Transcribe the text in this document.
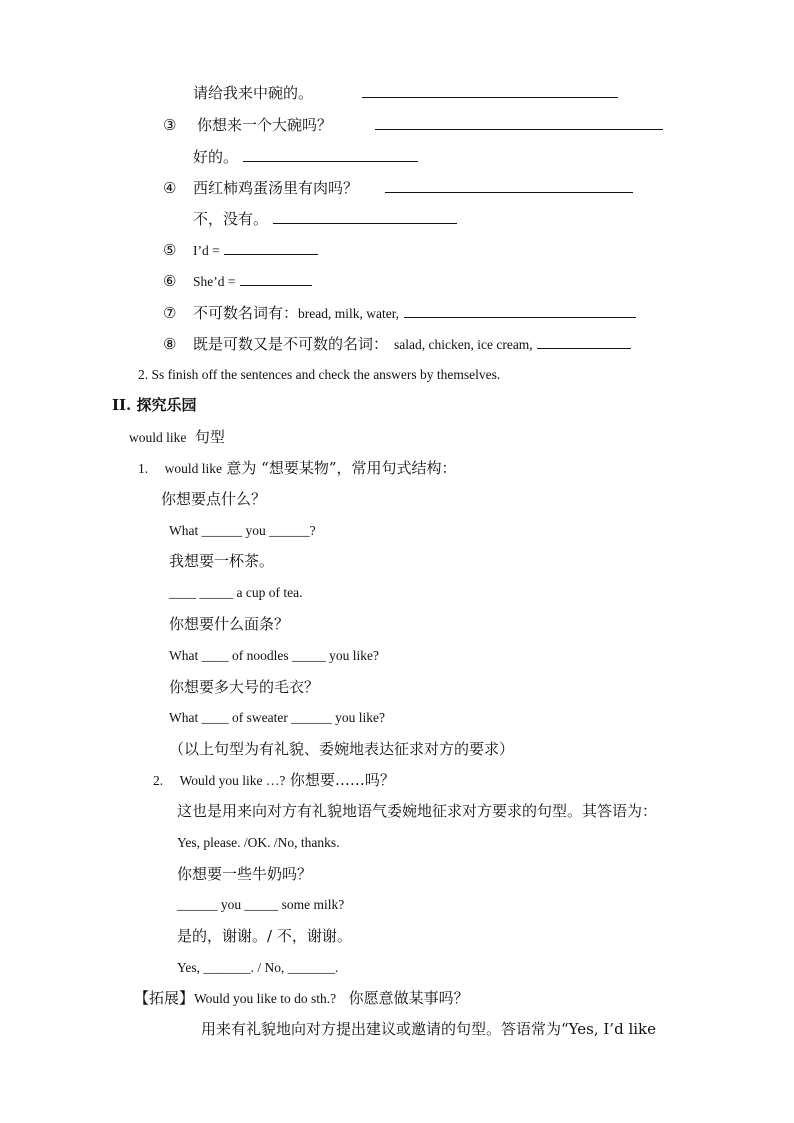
请给我来中碗的。
③ 你想来一个大碗吗？
好的。
④ 西红柿鸡蛋汤里有肉吗？
不，没有。
⑤ I’d =
⑥ She’d =
⑦ 不可数名词有：bread, milk, water,
⑧ 既是可数又是不可数的名词： salad, chicken, ice cream,
2. Ss finish off the sentences and check the answers by themselves.
II. 探究乐园
would like 句型
1. would like 意为 “想要某物”，常用句式结构：
你想要点什么？
What ______ you ______?
我想要一杯茶。
____ _____ a cup of tea.
你想要什么面条？
What ____ of noodles _____ you like?
你想要多大号的毛衣？
What ____ of sweater ______ you like?
（以上句型为有礼貌、委婉地表达征求对方的要求）
2. Would you like …? 你想要……吗？
这也是用来向对方有礼貌地语气委婉地征求对方要求的句型。其答语为：
Yes, please. /OK. /No, thanks.
你想要一些牛奶吗？
______ you _____ some milk?
是的，谢谢。/ 不，谢谢。
Yes, _______. / No, _______.
【拓展】Would you like to do sth.? 你愿意做某事吗？
用来有礼貌地向对方提出建议或邀请的句型。答语常为“Yes, I’d like
